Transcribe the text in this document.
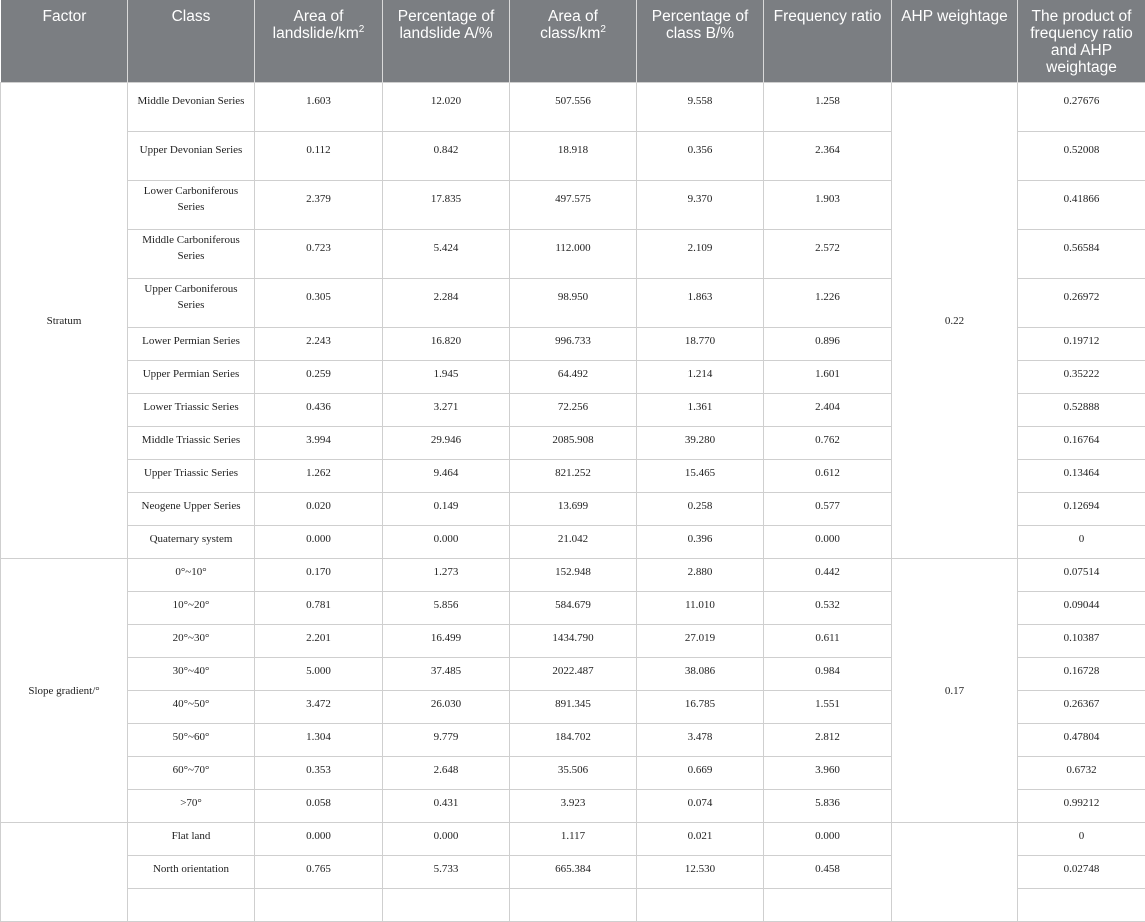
Factor	Class	Area of landslide/$km^2$	Percentage of landslide A/%	Area of class/$km^2$	Percentage of class B/%	Frequency ratio	AHP weightage	The product of frequency ratio and AHP weightage
Stratum	Middle Devonian Series	1.603	12.020	507.556	9.558	1.258	0.22	0.27676
	Upper Devonian Series	0.112	0.842	18.918	0.356	2.364		0.52008
	Lower Carboniferous Series	2.379	17.835	497.575	9.370	1.903		0.41866
	Middle Carboniferous Series	0.723	5.424	112.000	2.109	2.572		0.56584
	Upper Carboniferous Series	0.305	2.284	98.950	1.863	1.226		0.26972
	Lower Permian Series	2.243	16.820	996.733	18.770	0.896		0.19712
	Upper Permian Series	0.259	1.945	64.492	1.214	1.601		0.35222
	Lower Triassic Series	0.436	3.271	72.256	1.361	2.404		0.52888
	Middle Triassic Series	3.994	29.946	2085.908	39.280	0.762		0.16764
	Upper Triassic Series	1.262	9.464	821.252	15.465	0.612		0.13464
	Neogene Upper Series	0.020	0.149	13.699	0.258	0.577		0.12694
	Quaternary system	0.000	0.000	21.042	0.396	0.000		0
Slope gradient/°	0°~10°	0.170	1.273	152.948	2.880	0.442	0.17	0.07514
	10°~20°	0.781	5.856	584.679	11.010	0.532		0.09044
	20°~30°	2.201	16.499	1434.790	27.019	0.611		0.10387
	30°~40°	5.000	37.485	2022.487	38.086	0.984		0.16728
	40°~50°	3.472	26.030	891.345	16.785	1.551		0.26367
	50°~60°	1.304	9.779	184.702	3.478	2.812		0.47804
	60°~70°	0.353	2.648	35.506	0.669	3.960		0.6732
	>70°	0.058	0.431	3.923	0.074	5.836		0.99212
	Flat land	0.000	0.000	1.117	0.021	0.000		0
	North orientation	0.765	5.733	665.384	12.530	0.458		0.02748
